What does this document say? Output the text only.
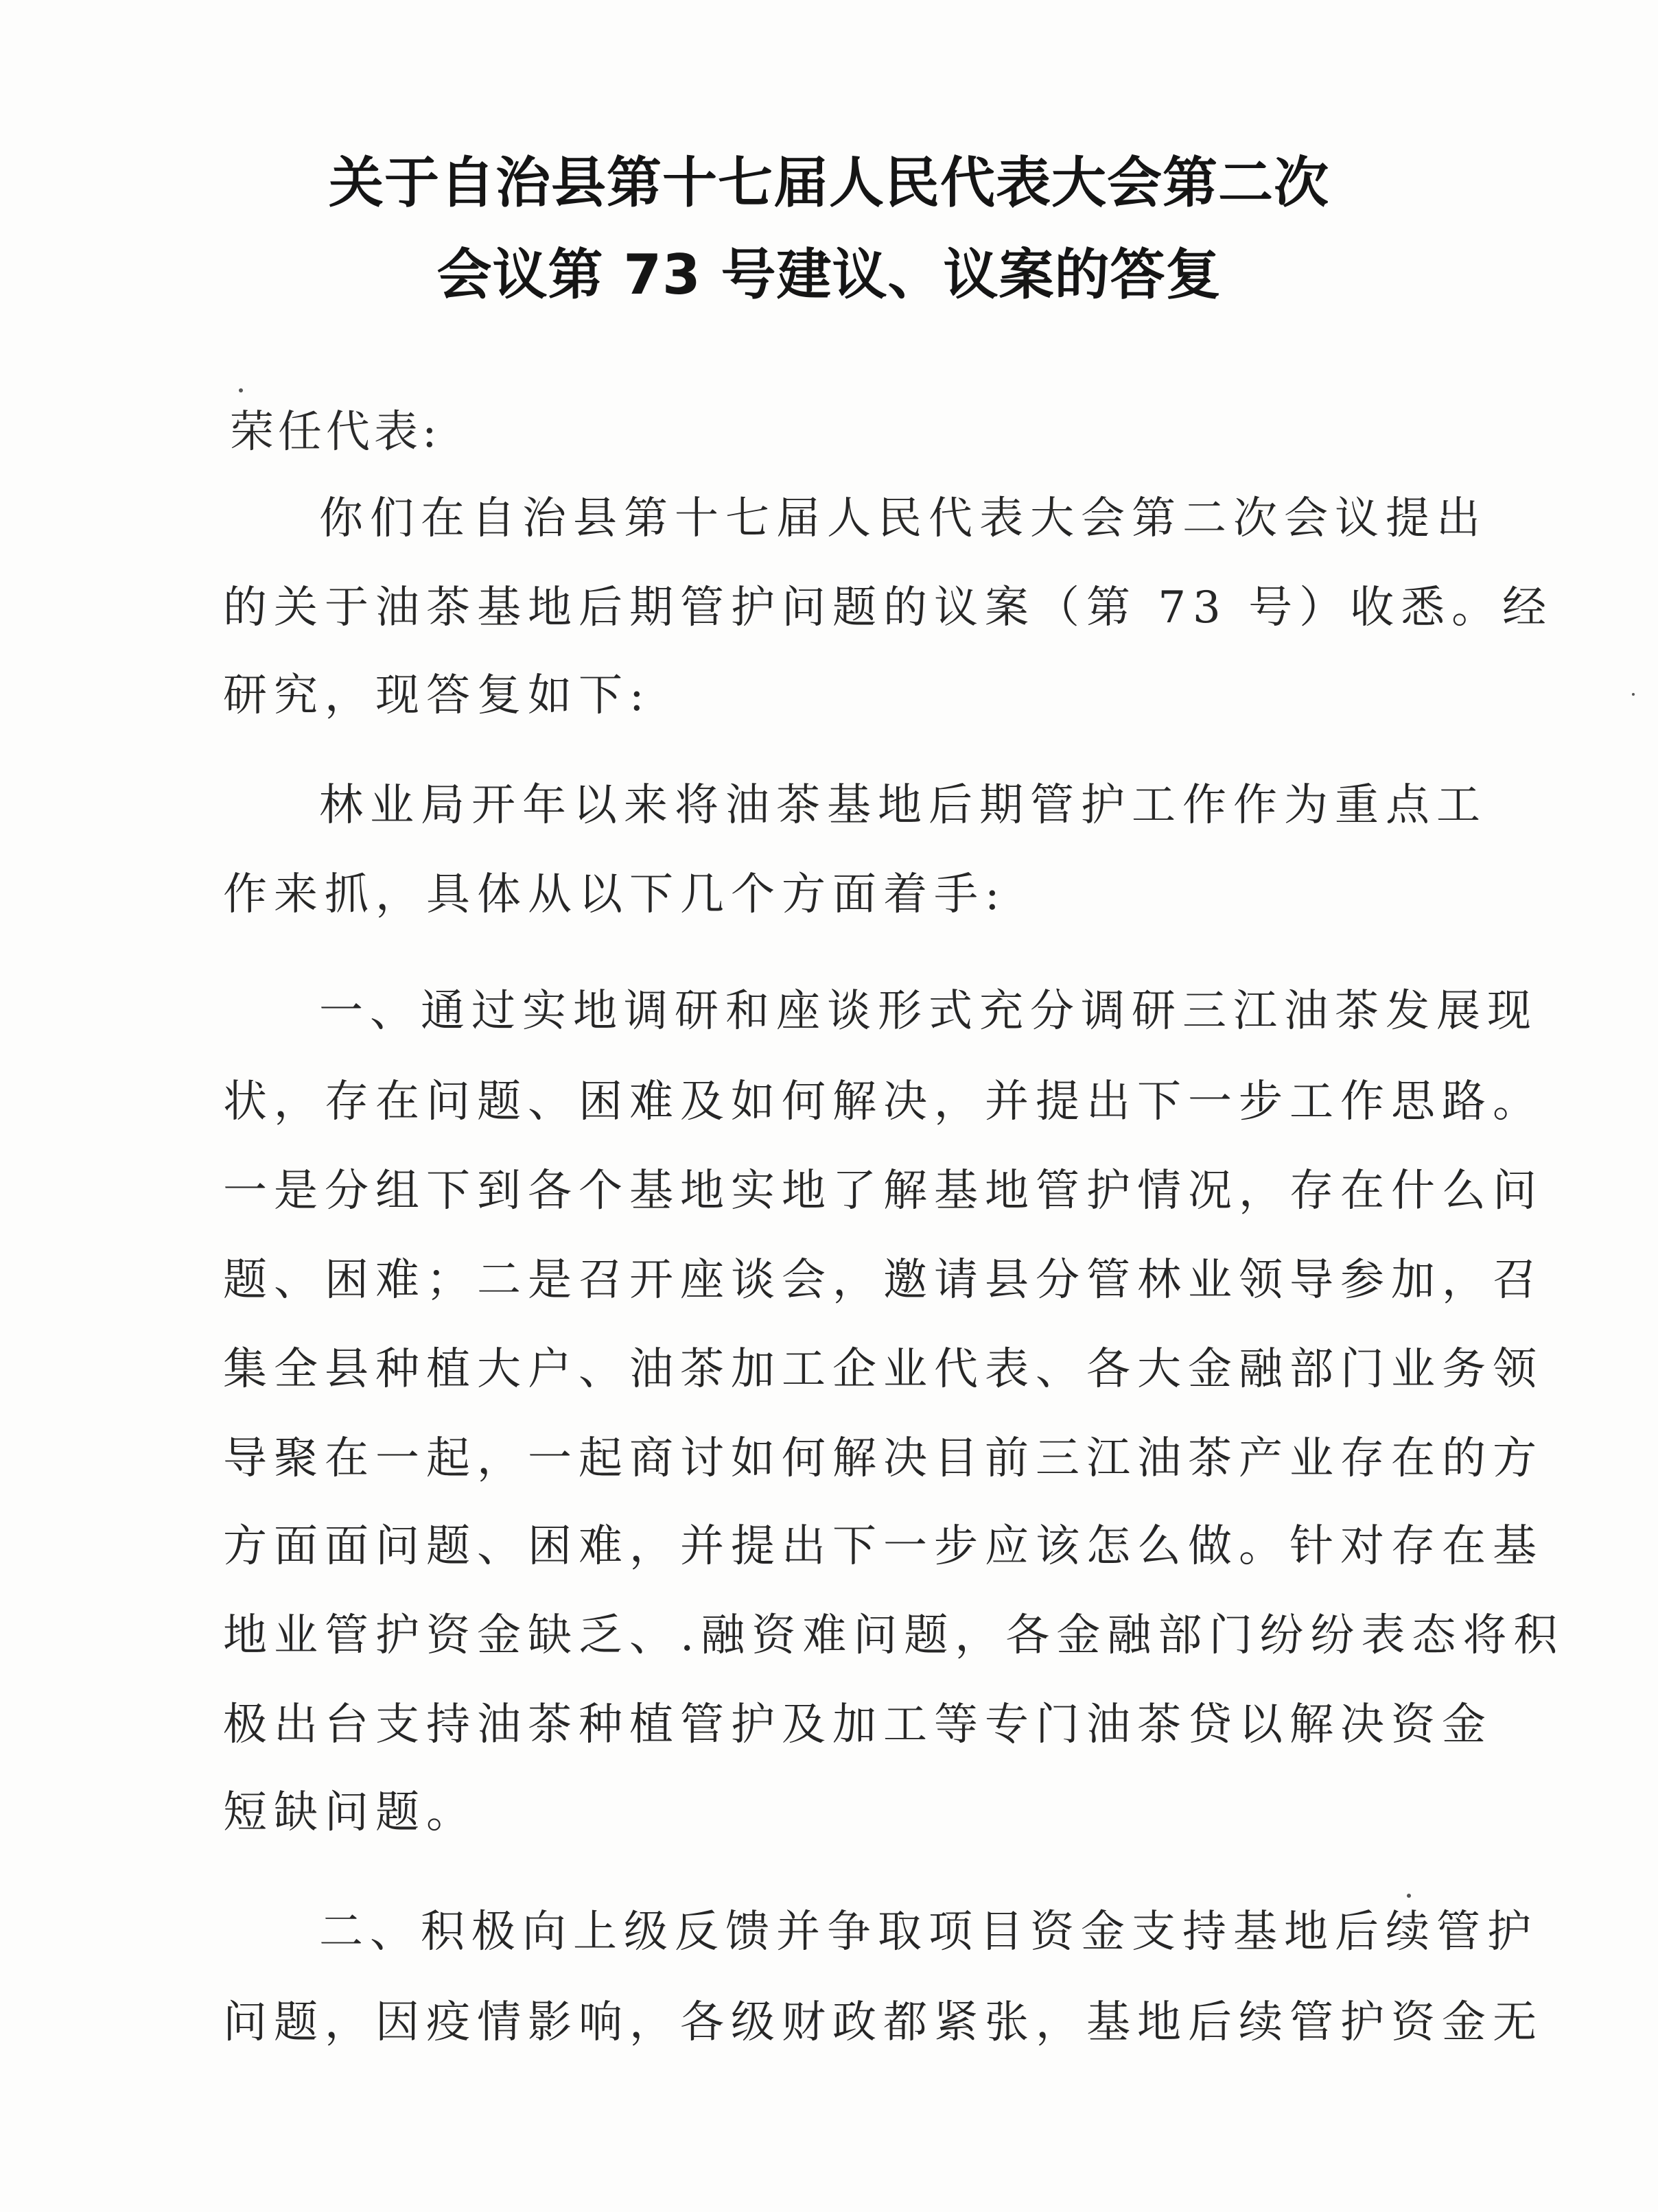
关于自治县第十七届人民代表大会第二次
会议第 73 号建议、议案的答复
荣任代表:
你们在自治县第十七届人民代表大会第二次会议提出
的关于油茶基地后期管护问题的议案（第 73 号）收悉。经
研究，现答复如下:
林业局开年以来将油茶基地后期管护工作作为重点工
作来抓，具体从以下几个方面着手:
一、通过实地调研和座谈形式充分调研三江油茶发展现
状，存在问题、困难及如何解决，并提出下一步工作思路。
一是分组下到各个基地实地了解基地管护情况，存在什么问
题、困难；二是召开座谈会，邀请县分管林业领导参加，召
集全县种植大户、油茶加工企业代表、各大金融部门业务领
导聚在一起，一起商讨如何解决目前三江油茶产业存在的方
方面面问题、困难，并提出下一步应该怎么做。针对存在基
地业管护资金缺乏、.融资难问题，各金融部门纷纷表态将积
极出台支持油茶种植管护及加工等专门油茶贷以解决资金
短缺问题。
二、积极向上级反馈并争取项目资金支持基地后续管护
问题，因疫情影响，各级财政都紧张，基地后续管护资金无
